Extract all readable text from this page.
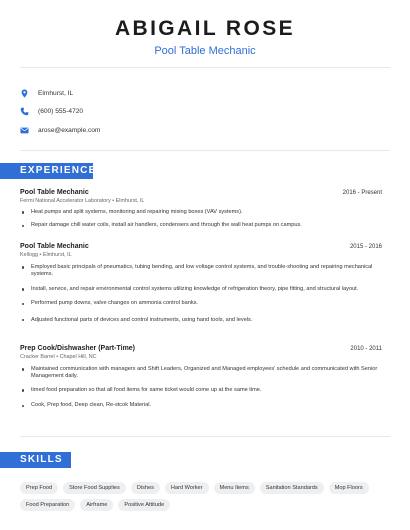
ABIGAIL ROSE
Pool Table Mechanic
Elmhurst, IL
(600) 555-4720
arose@example.com
EXPERIENCE
Pool Table Mechanic	2016 - Present
Fermi National Accelerator Laboratory • Elmhurst, IL
Heat pumps and split systems, monitoring and repairing mixing boxes (VAV systems).
Repair damage chill water coils, install air handlers, condensers and through the wall heat pumps on campus.
Pool Table Mechanic	2015 - 2016
Kellogg • Elmhurst, IL
Employed basic principals of pneumatics, tubing bending, and low voltage control systems, and trouble-shooting and repairing mechanical systems.
Install, service, and repair environmental control systems utilizing knowledge of refrigeration theory, pipe fitting, and structural layout.
Performed pump downs, valve changes on ammonia control banks.
Adjusted functional parts of devices and control instruments, using hand tools, and levels.
Prep Cook/Dishwasher (Part-Time)	2010 - 2011
Cracker Barrel • Chapel Hill, NC
Maintained communication with managers and Shift Leaders, Organized and Managed employees' schedule and communicated with Senior Management daily.
timed food preparation so that all food items for same ticket would come up at the same time.
Cook, Prep food, Deep clean, Re-stcok Material.
SKILLS
Prep Food	Store Food Supplies	Dishes	Hard Worker	Menu Items	Sanitation Standards	Mop Floors
Food Preparation	Airframe	Positive Attitude
